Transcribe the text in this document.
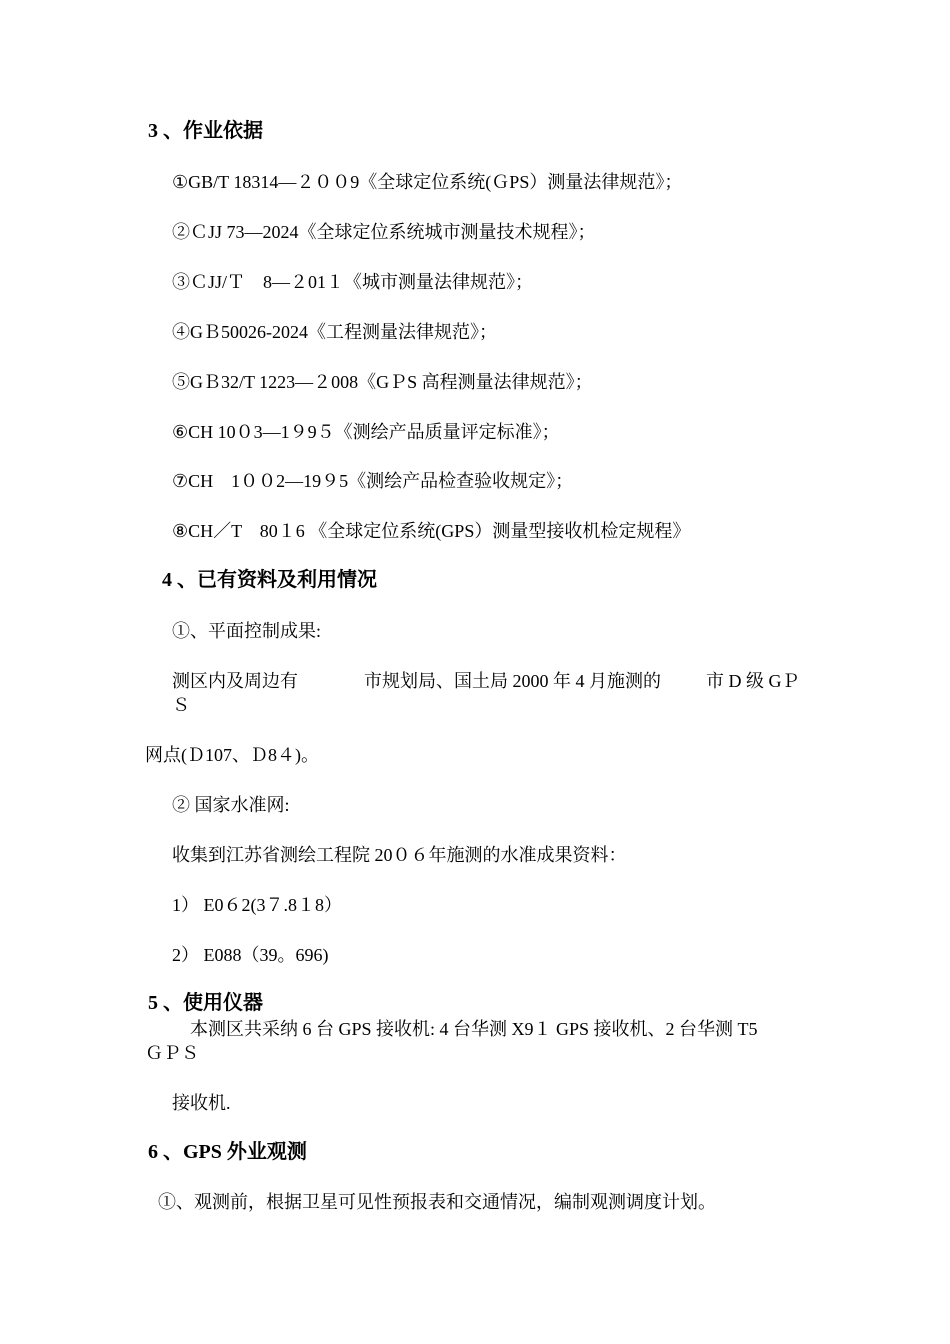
3 、作业依据
①GB/T 18314—２００9《全球定位系统(ＧPS）测量法律规范》；
②ＣJJ 73—2024《全球定位系统城市测量技术规程》；
③ＣJJ/Ｔ　8—２01１《城市测量法律规范》；
④GＢ50026-2024《工程测量法律规范》；
⑤GＢ32/T 1223—２008《GＰS 高程测量法律规范》；
⑥CH 10０3—1９9５《测绘产品质量评定标准》；
⑦CH　1００2—19９5《测绘产品检查验收规定》；
⑧CH／T　80１6 《全球定位系统(GPS）测量型接收机检定规程》
4 、已有资料及利用情况
①、平面控制成果:
测区内及周边有	市规划局、国土局 2000 年 4 月施测的	市 D 级 GＰ
Ｓ
网点(Ｄ107、Ｄ8４)。
② 国家水准网:
收集到江苏省测绘工程院 20０６年施测的水准成果资料：
1） E0６2(3７.8１8）
2） E088（39。696)
5 、使用仪器
本测区共采纳 6 台 GPS 接收机: 4 台华测 X9１ GPS 接收机、2 台华测 T5
ＧＰＳ
接收机.
6 、GPS 外业观测
①、观测前，根据卫星可见性预报表和交通情况，编制观测调度计划。
